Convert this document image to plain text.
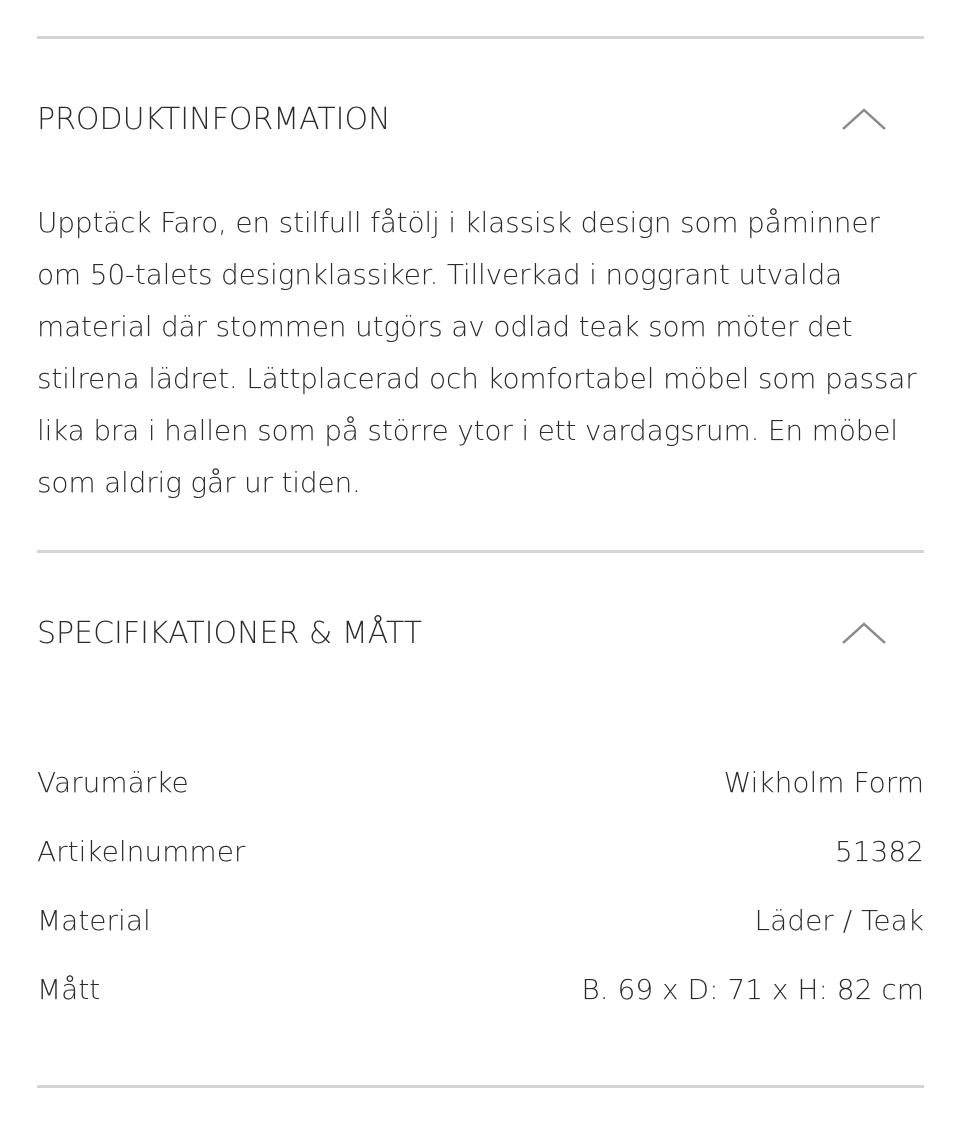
PRODUKTINFORMATION

Upptäck Faro, en stilfull fåtölj i klassisk design som påminner om 50-talets designklassiker. Tillverkad i noggrant utvalda material där stommen utgörs av odlad teak som möter det stilrena lädret. Lättplacerad och komfortabel möbel som passar lika bra i hallen som på större ytor i ett vardagsrum. En möbel som aldrig går ur tiden.

SPECIFIKATIONER & MÅTT
Varumärke	Wikholm Form
Artikelnummer	51382
Material	Läder / Teak
Mått	B. 69 x D: 71 x H: 82 cm
